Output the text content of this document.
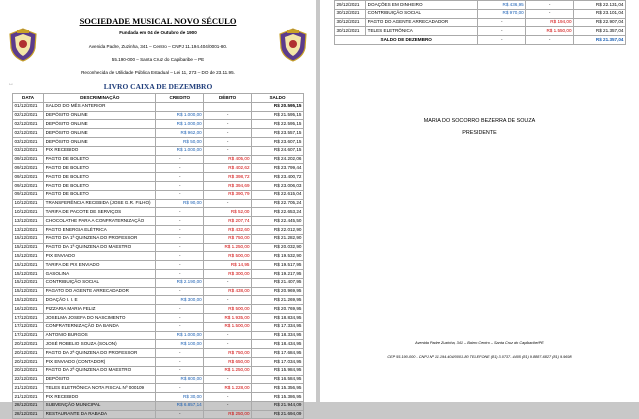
SOCIEDADE MUSICAL NOVO SÉCULO
Fundada em 04 de Outubro de 1900
Avenida Padre, Zuzinha, 341 – Centro – CNPJ 11.194.404/0001-80.
55.190-000 – Santa Cruz do Capibaribe – PE
Reconhecida de Utilidade Pública Estadual – Lei 11, 273 – DO de 23.11.95.
↔	LIVRO CAIXA DE DEZEMBRO
DATA	DESCRIMINAÇÃO	CREDITO	DÉBITO	SALDO
01/12/2021	SALDO DO MÊS ANTERIOR			R$ 20.595,15
02/12/2021	DEPÓSITO ONLINE	R$ 1.000,00	-	R$ 21.595,15
02/12/2021	DEPÓSITO ONLINE	R$ 1.000,00	-	R$ 22.595,15
02/12/2021	DEPÓSITO ONLINE	R$ 962,00	-	R$ 23.557,15
03/12/2021	DEPÓSITO ONLINE	R$ 50,00	-	R$ 23.607,15
03/12/2021	PIX RECEBIDO	R$ 1.000,00	-	R$ 24.607,15
09/12/2021	PAGTO DE BOLETO	-	R$ 405,00	R$ 24.202,06
09/12/2021	PAGTO DE BOLETO	-	R$ 402,62	R$ 23.799,44
09/12/2021	PAGTO DE BOLETO	-	R$ 398,72	R$ 23.400,72
09/12/2021	PAGTO DE BOLETO	-	R$ 394,69	R$ 23.006,03
09/12/2021	PAGTO DE BOLETO	-	R$ 390,79	R$ 22.615,04
10/12/2021	TRANSFERÊNCIA RECEBIDA (JOSE G.R. FILHO)	R$ 90,00	-	R$ 22.705,24
10/12/2021	TARIFA DE PACOTE DE SERVIÇOS	-	R$ 52,00	R$ 22.653,24
13/12/2021	CHOCOLATHE PARA A CONFRATERNIZAÇÃO	-	R$ 207,74	R$ 22.445,50
13/12/2021	PAGTO ENERGIA ELÉTRICA	-	R$ 432,60	R$ 22.012,90
15/12/2021	PAGTO DA 1ª QUINZENA DO PROFESSOR	-	R$ 750,00	R$ 21.282,90
15/12/2021	PAGTO DA 1ª QUINZENA DO MAESTRO	-	R$ 1.250,00	R$ 20.032,90
15/12/2021	PIX ENVIADO	-	R$ 500,00	R$ 19.532,90
15/12/2021	TARIFA DE PIX ENVIADO	-	R$ 14,95	R$ 19.517,95
15/12/2021	GASOLINA	-	R$ 300,00	R$ 19.217,95
15/12/2021	CONTRIBUIÇÃO SOCIAL	R$ 2.190,00	-	R$ 21.407,95
15/12/2021	PAGATO DO AGENTE ARRECADADOR	-	R$ 438,00	R$ 20.969,95
15/12/2021	DOAÇÃO I. I. E	R$ 300,00	-	R$ 21.269,95
16/12/2021	PIZZARIA MARIA FELIZ	-	R$ 500,00	R$ 20.769,95
17/12/2021	JOSELMA JOSEFA DO NASCIMENTO	-	R$ 1.935,00	R$ 18.834,95
17/12/2021	CONFRATERNIZAÇÃO DA BANDA	-	R$ 1.500,00	R$ 17.334,95
17/12/2021	ANTONIO BURGOS	R$ 1.000,00	-	R$ 18.334,95
20/12/2021	JOSÉ ROBELIO SOUZA (SOLON)	R$ 100,00	-	R$ 18.434,95
20/12/2021	PAGTO DA 2ª QUINZENA DO PROFESSOR	-	R$ 750,00	R$ 17.684,95
20/12/2021	PIX ENVIADO (CONTADOR)	-	R$ 650,00	R$ 17.034,95
20/12/2021	PAGTO DA 2ª QUINZENA DO MAESTRO	-	R$ 1.250,00	R$ 15.984,95
22/12/2021	DEPÓSITO	R$ 800,00	-	R$ 16.584,95
21/12/2021	TELES ELETRÔNICA NOTA FISCAL Nº 000109	-	R$ 1.228,00	R$ 15.356,95
21/12/2021	PIX RECEBIDO	R$ 30,00	-	R$ 15.386,95
28/12/2021	SUBVENÇÃO MUNICIPAL	R$ 6.857,14	-	R$ 21.944,09
28/12/2021	RESTAURANTE DA RABADA	-	R$ 250,00	R$ 21.694,09
29/12/2021	DOAÇÕES EM DINHEIRO	R$ 436,95	-	R$ 22.131,04
30/12/2021	CONTRIBUIÇÃO SOCIAL	R$ 970,00	-	R$ 23.101,04
30/12/2021	PAGTO DO AGENTE ARRECADADOR	-	R$ 194,00	R$ 22.907,04
30/12/2021	TELES ELETRÔNICA	-	R$ 1.550,00	R$ 21.357,04
SALDO DE DEZEMBRO		-	-	R$ 21.357,04
MARIA DO SOCORRO BEZERRA DE SOUZA
PRESIDENTE
Avenida Padre Zuzinha, 341 – Bairro Centro – Santa Cruz do Capibaribe/PE
CEP 55.190-000 - CNPJ Nº 11.194.404/0001-80 TELEFONE (81) 3.0737- 4405 (81) 9.8887-6827 (81) 9.9698
